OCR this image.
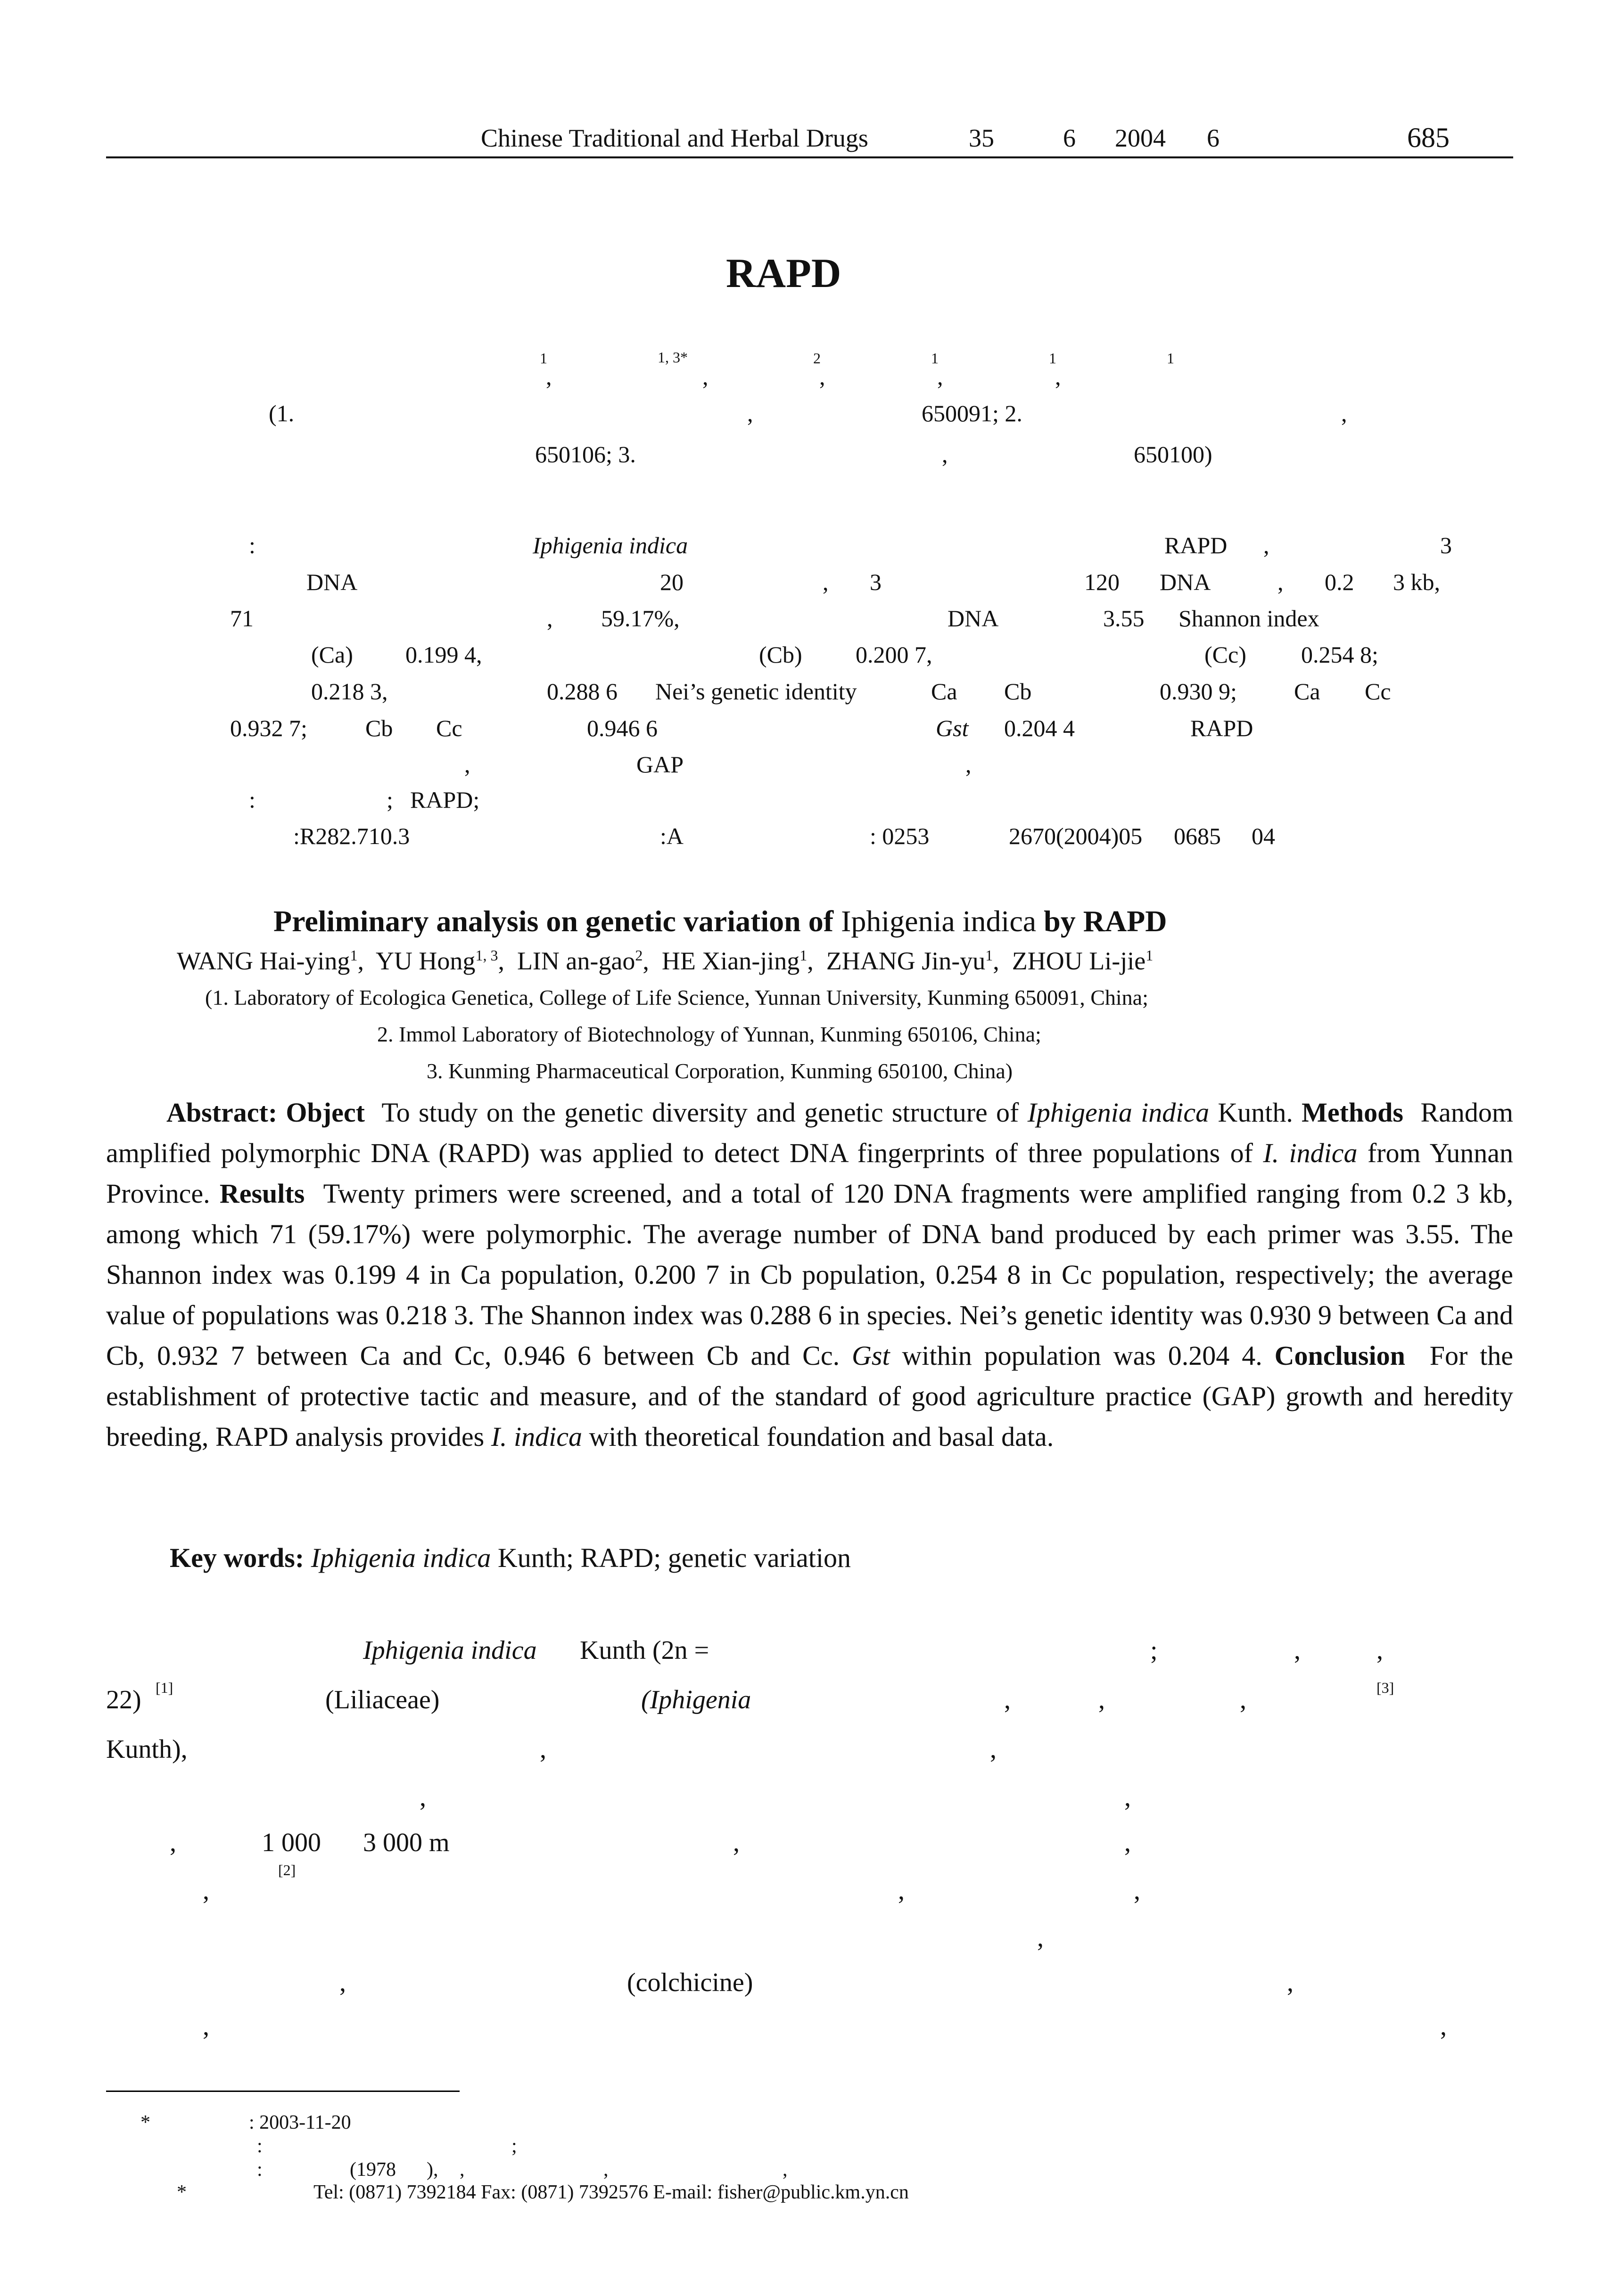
Chinese Traditional and Herbal Drugs	35	6 2004 6	685
RAPD
1
,
1, 3*
,
2
,
1
,
1
,
1
(1.	,	650091; 2.	,
650106; 3.	,	650100)
:	Iphigenia indica	RAPD ,	3
DNA	20	, 3	120 DNA	, 0.2 3 kb,
71	, 59.17%,	DNA	3.55 Shannon index
(Ca) 0.199 4,	(Cb) 0.200 7,	(Cc) 0.254 8;
0.218 3,	0.288 6 Nei’s genetic identity	Ca Cb	0.930 9; Ca Cc
0.932 7; Cb Cc	0.946 6	Gst 0.204 4	RAPD
,	GAP	,
:	; RAPD;
:R282.710.3	:A	: 0253	2670(2004)05 0685 04
Preliminary analysis on genetic variation of Iphigenia indica by RAPD
WANG Hai-ying$^1$,  YU Hong$^{1, 3}$,  LIN an-gao$^2$,  HE Xian-jing$^1$,  ZHANG Jin-$yu^1$,  ZHOU Li-jie$^1$
(1. Laboratory of Ecologica Genetica, College of Life Science, Yunnan University, Kunming 650091, China;
2. Immol Laboratory of Biotechnology of Yunnan, Kunming 650106, China;
3. Kunming Pharmaceutical Corporation, Kunming 650100, China)
Abstract: Object To study on the genetic diversity and genetic structure of Iphigenia indica Kunth. Methods Random amplified polymorphic DNA (RAPD) was applied to detect DNA fingerprints of three populations of I. indica from Yunnan Province. Results Twenty primers were screened, and a total of 120 DNA fragments were amplified ranging from 0.2 3 kb, among which 71 (59.17%) were polymorphic. The average number of DNA band produced by each primer was 3.55. The Shannon index was 0.199 4 in Ca population, 0.200 7 in Cb population, 0.254 8 in Cc population, respectively; the average value of populations was 0.218 3. The Shannon index was 0.288 6 in species. Nei’s genetic identity was 0.930 9 between Ca and Cb, 0.932 7 between Ca and Cc, 0.946 6 between Cb and Cc. Gst within population was 0.204 4. Conclusion For the establishment of protective tactic and measure, and of the standard of good agriculture practice (GAP) growth and heredity breeding, RAPD analysis provides I. indica with theoretical foundation and basal data.
Key words: Iphigenia indica Kunth; RAPD; genetic variation
Iphigenia indica Kunth (2n =	;	,	,
22) [1]	(Liliaceae)	(Iphigenia	,	,	,	[3]
Kunth),	,	,
,	,
,	1 000 3 000 m	,	,
,
[2]
,	,
,
,	(colchicine)	,
,	,
*	: 2003-11-20
:	;
:	(1978 ), ,	,	,
*	Tel: (0871) 7392184 Fax: (0871) 7392576 E-mail: fisher@public.km.yn.cn
